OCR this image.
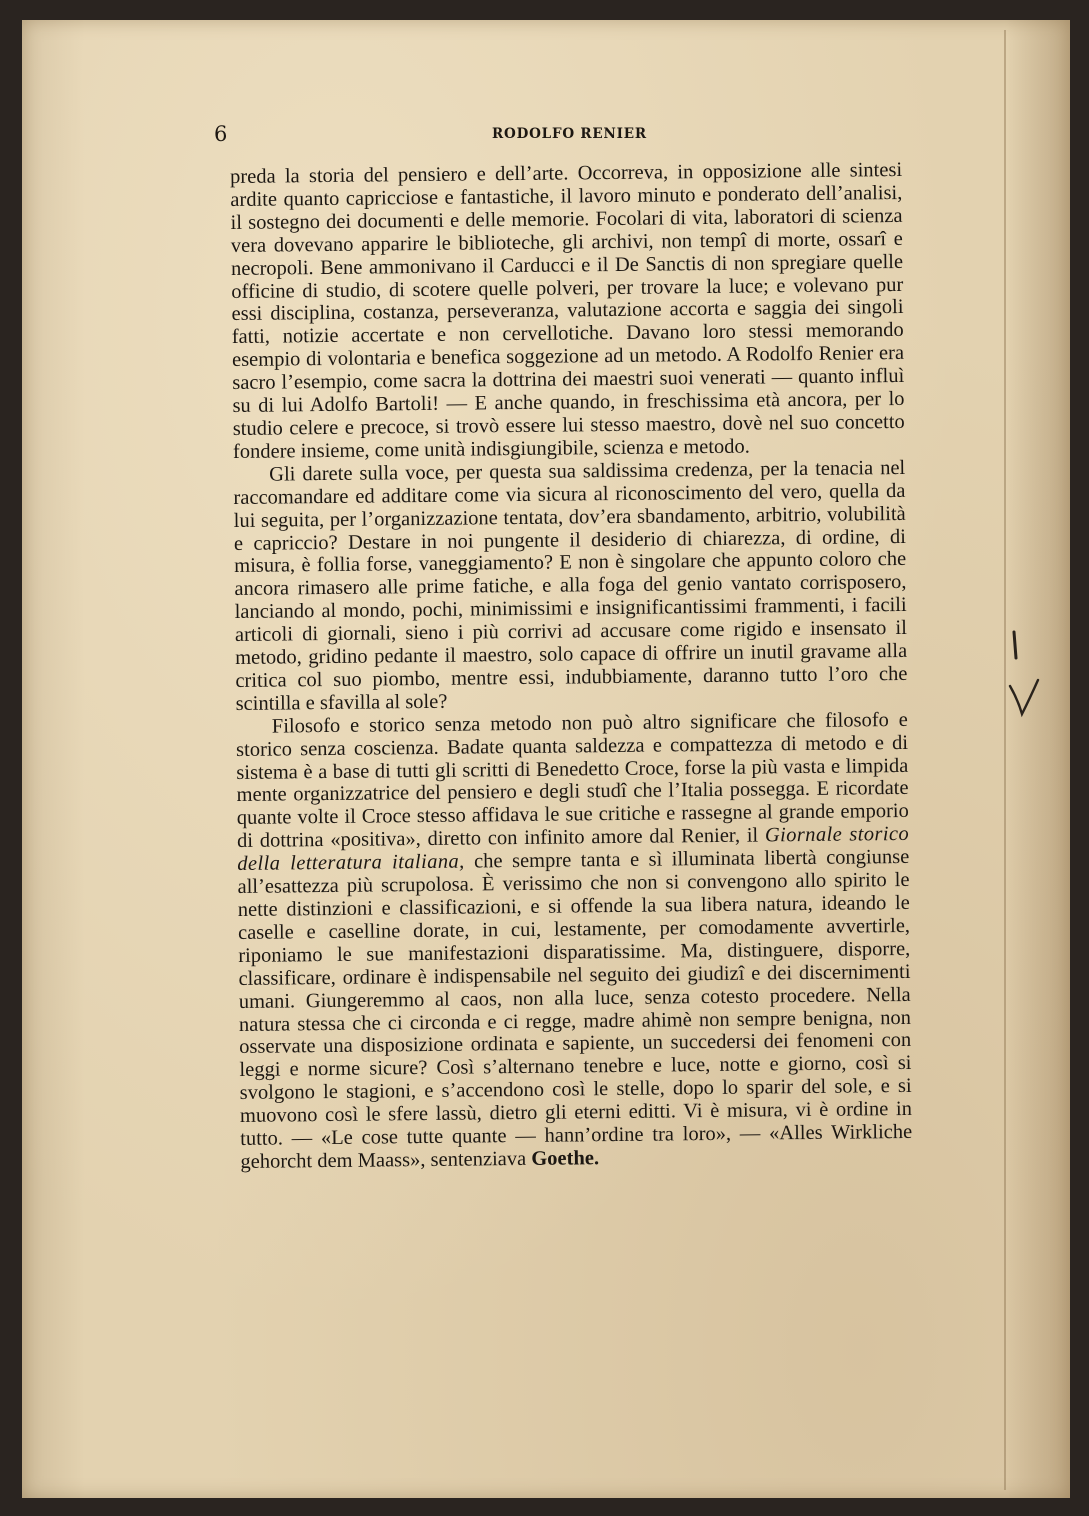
6	RODOLFO RENIER

preda la storia del pensiero e dell’arte. Occorreva, in opposizione alle sintesi ardite quanto capricciose e fantastiche, il lavoro minuto e ponderato dell’analisi, il sostegno dei documenti e delle memorie. Focolari di vita, laboratori di scienza vera dovevano apparire le biblioteche, gli archivi, non tempî di morte, ossarî e necropoli. Bene ammonivano il Carducci e il De Sanctis di non spregiare quelle officine di studio, di scotere quelle polveri, per trovare la luce; e volevano pur essi disciplina, costanza, perseveranza, valutazione accorta e saggia dei singoli fatti, notizie accertate e non cervellotiche. Davano loro stessi memorando esempio di volontaria e benefica soggezione ad un metodo. A Rodolfo Renier era sacro l’esempio, come sacra la dottrina dei maestri suoi venerati — quanto influì su di lui Adolfo Bartoli! — E anche quando, in freschissima età ancora, per lo studio celere e precoce, si trovò essere lui stesso maestro, dovè nel suo concetto fondere insieme, come unità indisgiungibile, scienza e metodo.

Gli darete sulla voce, per questa sua saldissima credenza, per la tenacia nel raccomandare ed additare come via sicura al riconoscimento del vero, quella da lui seguita, per l’organizzazione tentata, dov’era sbandamento, arbitrio, volubilità e capriccio? Destare in noi pungente il desiderio di chiarezza, di ordine, di misura, è follia forse, vaneggiamento? E non è singolare che appunto coloro che ancora rimasero alle prime fatiche, e alla foga del genio vantato corrisposero, lanciando al mondo, pochi, minimissimi e insignificantissimi frammenti, i facili articoli di giornali, sieno i più corrivi ad accusare come rigido e insensato il metodo, gridino pedante il maestro, solo capace di offrire un inutil gravame alla critica col suo piombo, mentre essi, indubbiamente, daranno tutto l’oro che scintilla e sfavilla al sole?

Filosofo e storico senza metodo non può altro significare che filosofo e storico senza coscienza. Badate quanta saldezza e compattezza di metodo e di sistema è a base di tutti gli scritti di Benedetto Croce, forse la più vasta e limpida mente organizzatrice del pensiero e degli studî che l’Italia possegga. E ricordate quante volte il Croce stesso affidava le sue critiche e rassegne al grande emporio di dottrina «positiva», diretto con infinito amore dal Renier, il Giornale storico della letteratura italiana, che sempre tanta e sì illuminata libertà congiunse all’esattezza più scrupolosa. È verissimo che non si convengono allo spirito le nette distinzioni e classificazioni, e si offende la sua libera natura, ideando le caselle e caselline dorate, in cui, lestamente, per comodamente avvertirle, riponiamo le sue manifestazioni disparatissime. Ma, distinguere, disporre, classificare, ordinare è indispensabile nel seguito dei giudizî e dei discernimenti umani. Giungeremmo al caos, non alla luce, senza cotesto procedere. Nella natura stessa che ci circonda e ci regge, madre ahimè non sempre benigna, non osservate una disposizione ordinata e sapiente, un succedersi dei fenomeni con leggi e norme sicure? Così s’alternano tenebre e luce, notte e giorno, così si svolgono le stagioni, e s’accendono così le stelle, dopo lo sparir del sole, e si muovono così le sfere lassù, dietro gli eterni editti. Vi è misura, vi è ordine in tutto. — «Le cose tutte quante — hann’ordine tra loro», — «Alles Wirkliche gehorcht dem Maass», sentenziava Goethe.
